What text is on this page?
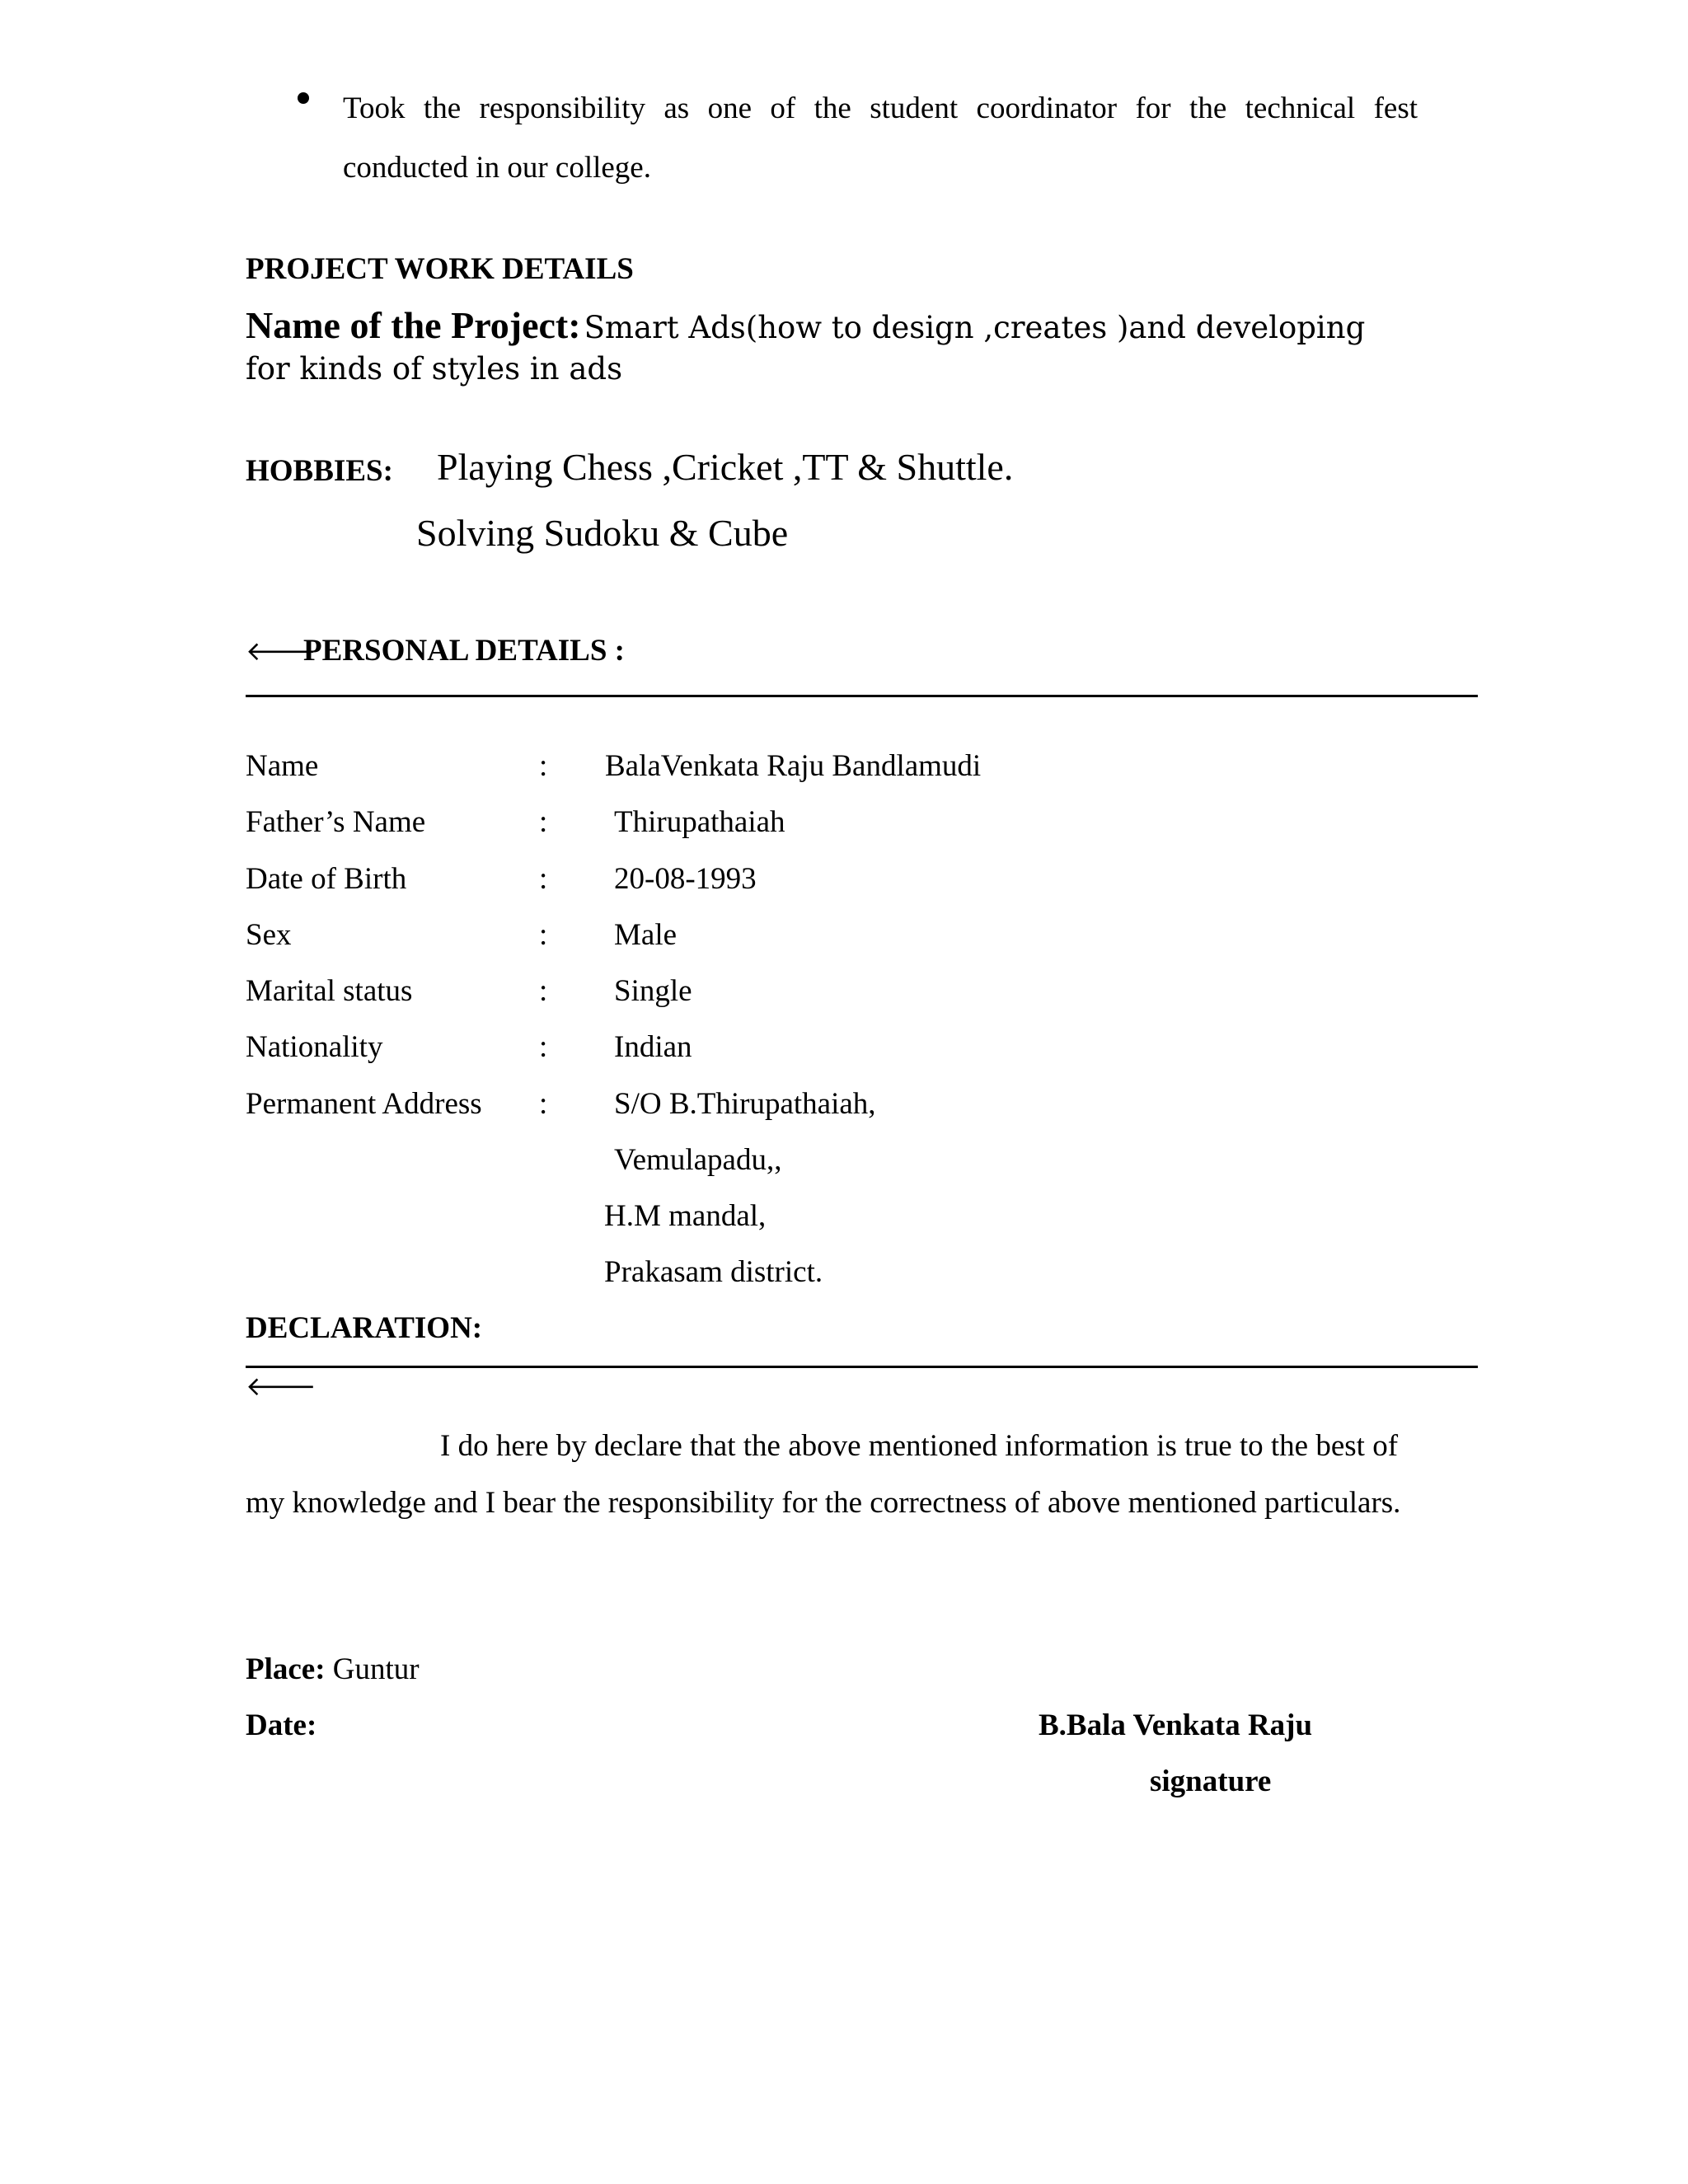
Took the responsibility as one of the student coordinator for the technical fest conducted in our college.
PROJECT WORK DETAILS
Name of the Project: Smart Ads(how to design ,creates )and developing for kinds of styles in ads
HOBBIES: Playing Chess ,Cricket ,TT & Shuttle.
Solving Sudoku & Cube
🡐
PERSONAL DETAILS :
Name	: BalaVenkata Raju Bandlamudi
Father’s Name	: Thirupathaiah
Date of Birth	: 20-08-1993
Sex	: Male
Marital status	: Single
Nationality	: Indian
Permanent Address : S/O B.Thirupathaiah,
Vemulapadu,,
H.M mandal,
Prakasam district.
DECLARATION:
🡐
I do here by declare that the above mentioned information is true to the best of my knowledge and I bear the responsibility for the correctness of above mentioned particulars.
Place: Guntur
Date:	B.Bala Venkata Raju
signature
